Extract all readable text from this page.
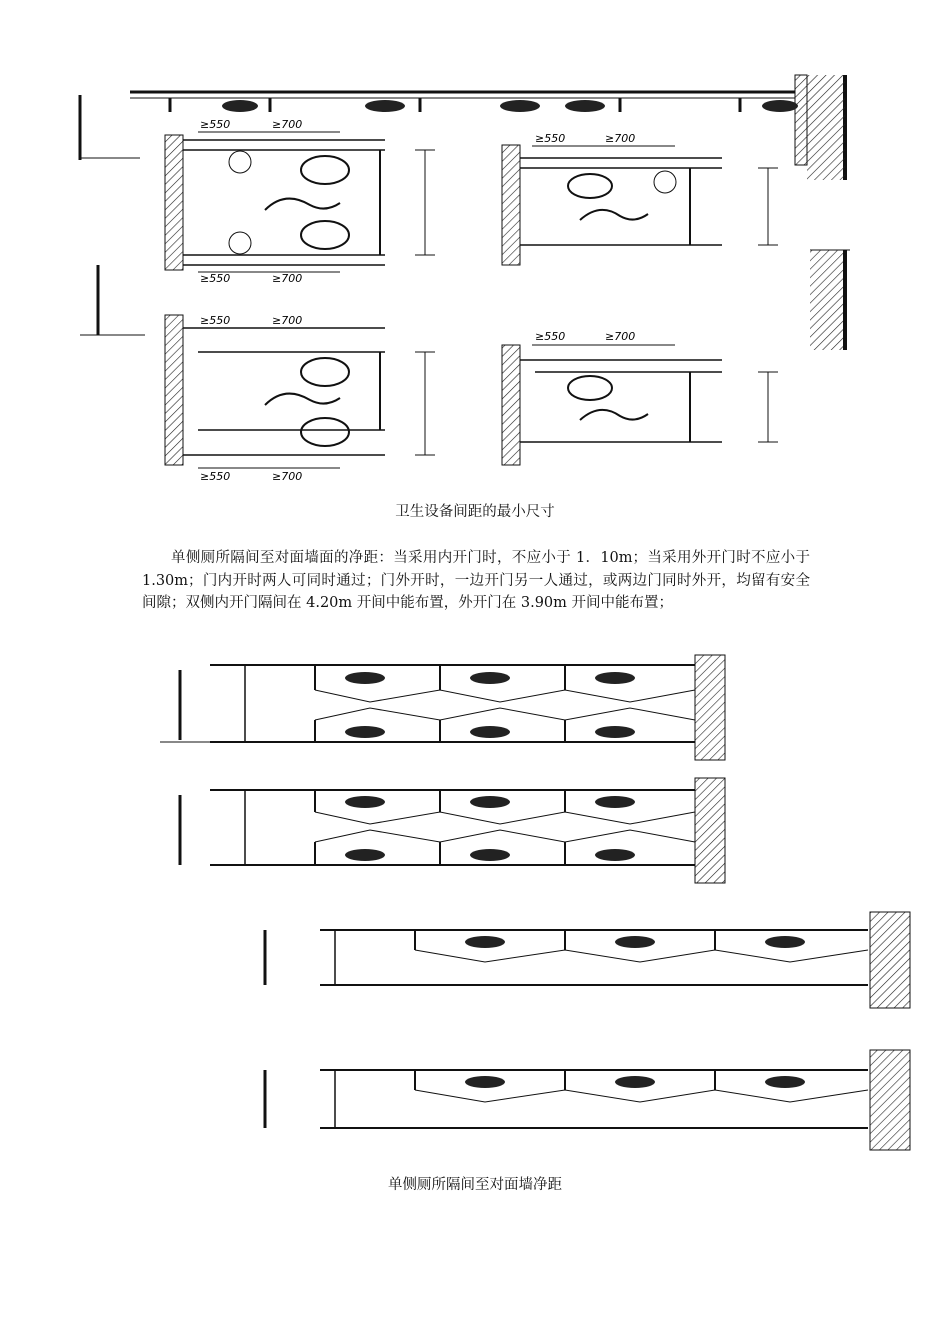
≥550	≥700
≥550	≥700
≥550	≥700
≥550	≥700
≥550	≥700
≥550	≥700
卫生设备间距的最小尺寸
单侧厕所隔间至对面墙面的净距：当采用内开门时，不应小于 1．10m；当采用外开门时不应小于 1.30m；门内开时两人可同时通过；门外开时，一边开门另一人通过，或两边门同时外开，均留有安全间隙；双侧内开门隔间在 4.20m 开间中能布置，外开门在 3.90m 开间中能布置；
单侧厕所隔间至对面墙净距
